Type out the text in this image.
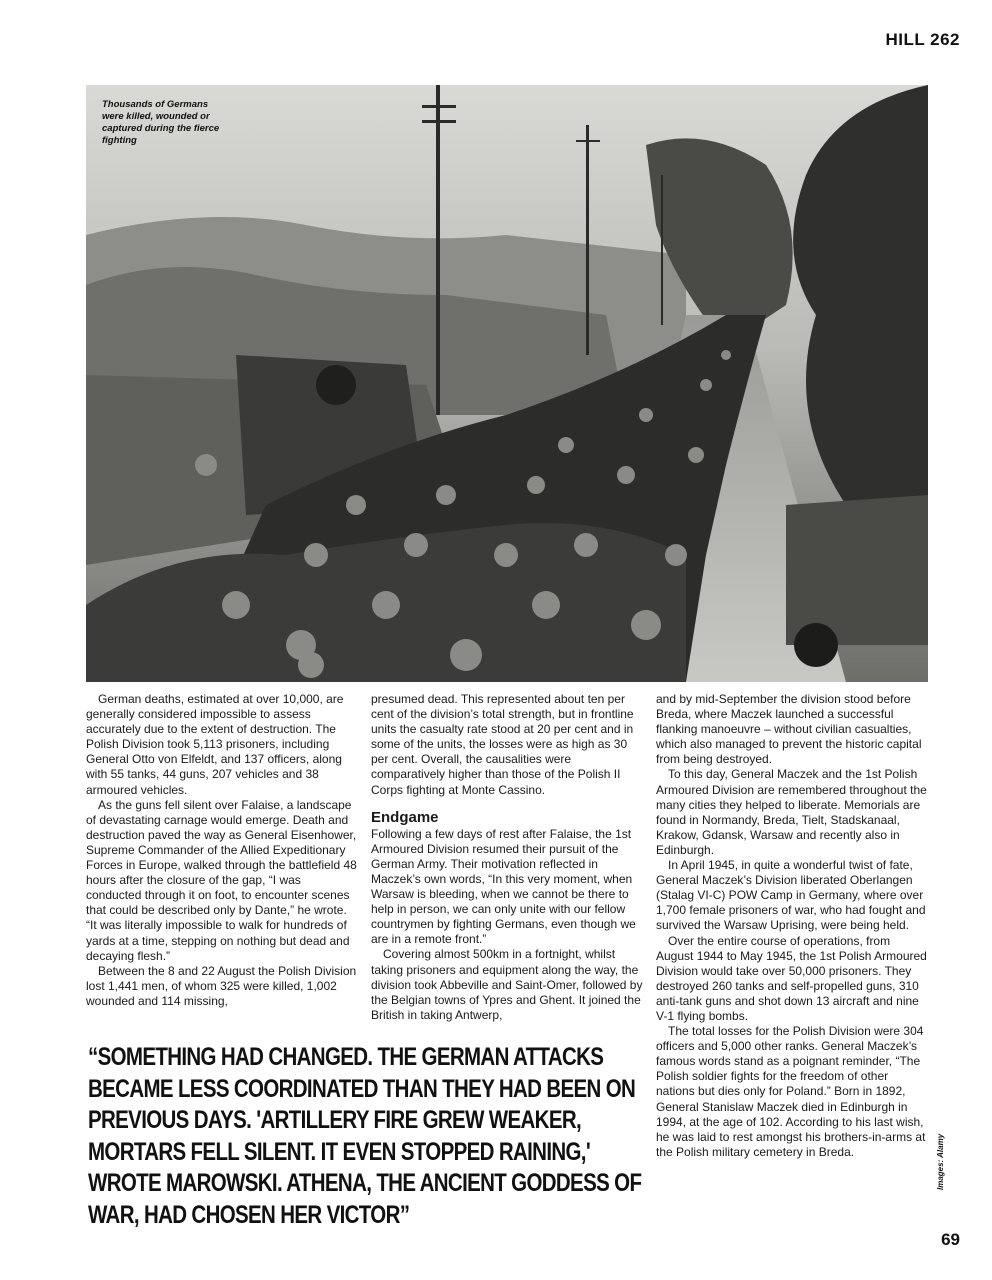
HILL 262
Thousands of Germans were killed, wounded or captured during the fierce fighting

German deaths, estimated at over 10,000, are generally considered impossible to assess accurately due to the extent of destruction. The Polish Division took 5,113 prisoners, including General Otto von Elfeldt, and 137 officers, along with 55 tanks, 44 guns, 207 vehicles and 38 armoured vehicles.

As the guns fell silent over Falaise, a landscape of devastating carnage would emerge. Death and destruction paved the way as General Eisenhower, Supreme Commander of the Allied Expeditionary Forces in Europe, walked through the battlefield 48 hours after the closure of the gap, “I was conducted through it on foot, to encounter scenes that could be described only by Dante,” he wrote. “It was literally impossible to walk for hundreds of yards at a time, stepping on nothing but dead and decaying flesh.”

Between the 8 and 22 August the Polish Division lost 1,441 men, of whom 325 were killed, 1,002 wounded and 114 missing,

presumed dead. This represented about ten per cent of the division’s total strength, but in frontline units the casualty rate stood at 20 per cent and in some of the units, the losses were as high as 30 per cent. Overall, the causalities were comparatively higher than those of the Polish II Corps fighting at Monte Cassino.

Endgame

Following a few days of rest after Falaise, the 1st Armoured Division resumed their pursuit of the German Army. Their motivation reflected in Maczek’s own words, “In this very moment, when Warsaw is bleeding, when we cannot be there to help in person, we can only unite with our fellow countrymen by fighting Germans, even though we are in a remote front.”

Covering almost 500km in a fortnight, whilst taking prisoners and equipment along the way, the division took Abbeville and Saint-Omer, followed by the Belgian towns of Ypres and Ghent. It joined the British in taking Antwerp,

and by mid-September the division stood before Breda, where Maczek launched a successful flanking manoeuvre – without civilian casualties, which also managed to prevent the historic capital from being destroyed.

To this day, General Maczek and the 1st Polish Armoured Division are remembered throughout the many cities they helped to liberate. Memorials are found in Normandy, Breda, Tielt, Stadskanaal, Krakow, Gdansk, Warsaw and recently also in Edinburgh.

In April 1945, in quite a wonderful twist of fate, General Maczek’s Division liberated Oberlangen (Stalag VI-C) POW Camp in Germany, where over 1,700 female prisoners of war, who had fought and survived the Warsaw Uprising, were being held.

Over the entire course of operations, from August 1944 to May 1945, the 1st Polish Armoured Division would take over 50,000 prisoners. They destroyed 260 tanks and self-propelled guns, 310 anti-tank guns and shot down 13 aircraft and nine V-1 flying bombs.

The total losses for the Polish Division were 304 officers and 5,000 other ranks. General Maczek’s famous words stand as a poignant reminder, “The Polish soldier fights for the freedom of other nations but dies only for Poland.” Born in 1892, General Stanislaw Maczek died in Edinburgh in 1994, at the age of 102. According to his last wish, he was laid to rest amongst his brothers-in-arms at the Polish military cemetery in Breda.

“SOMETHING HAD CHANGED. THE GERMAN ATTACKS BECAME LESS COORDINATED THAN THEY HAD BEEN ON PREVIOUS DAYS. 'ARTILLERY FIRE GREW WEAKER, MORTARS FELL SILENT. IT EVEN STOPPED RAINING,' WROTE MAROWSKI. ATHENA, THE ANCIENT GODDESS OF WAR, HAD CHOSEN HER VICTOR”
Images: Alamy
69
